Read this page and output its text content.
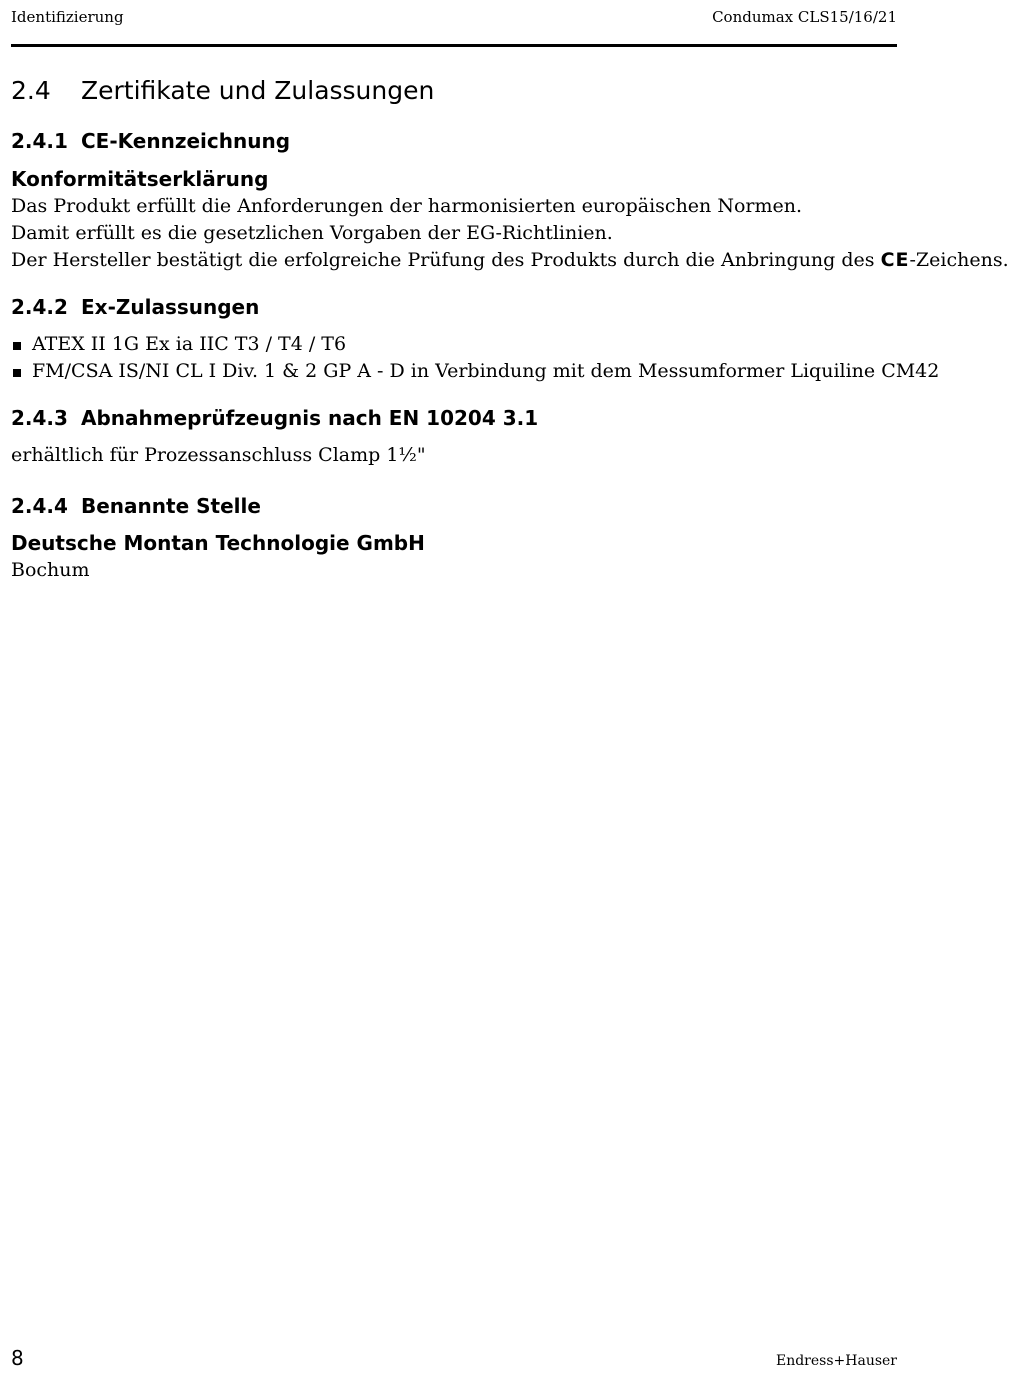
Identifizierung	Condumax CLS15/16/21
2.4 Zertifikate und Zulassungen
2.4.1 CE-Kennzeichnung
Konformitätserklärung

Das Produkt erfüllt die Anforderungen der harmonisierten europäischen Normen.

Damit erfüllt es die gesetzlichen Vorgaben der EG-Richtlinien.

Der Hersteller bestätigt die erfolgreiche Prüfung des Produkts durch die Anbringung des CE-Zeichens.

2.4.2 Ex-Zulassungen
ATEX II 1G Ex ia IIC T3 / T4 / T6
FM/CSA IS/NI CL I Div. 1 & 2 GP A - D in Verbindung mit dem Messumformer Liquiline CM42
2.4.3 Abnahmeprüfzeugnis nach EN 10204 3.1

erhältlich für Prozessanschluss Clamp 1½"

2.4.4 Benannte Stelle
Deutsche Montan Technologie GmbH

Bochum

8	Endress+Hauser
